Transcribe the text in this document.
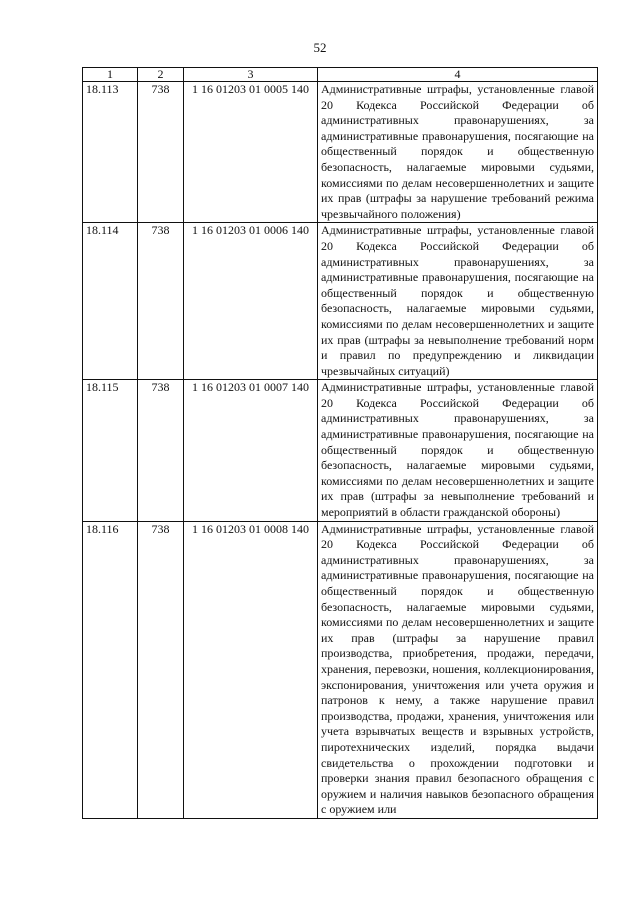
52
1	2	3	4
18.113	738	1 16 01203 01 0005 140	Административные штрафы, установленные главой 20 Кодекса Российской Федерации об административных правонарушениях, за административные правонарушения, посягающие на общественный порядок и общественную безопасность, налагаемые мировыми судьями, комиссиями по делам несовершеннолетних и защите их прав (штрафы за нарушение требований режима чрезвычайного положения)
18.114	738	1 16 01203 01 0006 140	Административные штрафы, установленные главой 20 Кодекса Российской Федерации об административных правонарушениях, за административные правонарушения, посягающие на общественный порядок и общественную безопасность, налагаемые мировыми судьями, комиссиями по делам несовершеннолетних и защите их прав (штрафы за невыполнение требований норм и правил по предупреждению и ликвидации чрезвычайных ситуаций)
18.115	738	1 16 01203 01 0007 140	Административные штрафы, установленные главой 20 Кодекса Российской Федерации об административных правонарушениях, за административные правонарушения, посягающие на общественный порядок и общественную безопасность, налагаемые мировыми судьями, комиссиями по делам несовершеннолетних и защите их прав (штрафы за невыполнение требований и мероприятий в области гражданской обороны)
18.116	738	1 16 01203 01 0008 140	Административные штрафы, установленные главой 20 Кодекса Российской Федерации об административных правонарушениях, за административные правонарушения, посягающие на общественный порядок и общественную безопасность, налагаемые мировыми судьями, комиссиями по делам несовершеннолетних и защите их прав (штрафы за нарушение правил производства, приобретения, продажи, передачи, хранения, перевозки, ношения, коллекционирования, экспонирования, уничтожения или учета оружия и патронов к нему, а также нарушение правил производства, продажи, хранения, уничтожения или учета взрывчатых веществ и взрывных устройств, пиротехнических изделий, порядка выдачи свидетельства о прохождении подготовки и проверки знания правил безопасного обращения с оружием и наличия навыков безопасного обращения с оружием или
